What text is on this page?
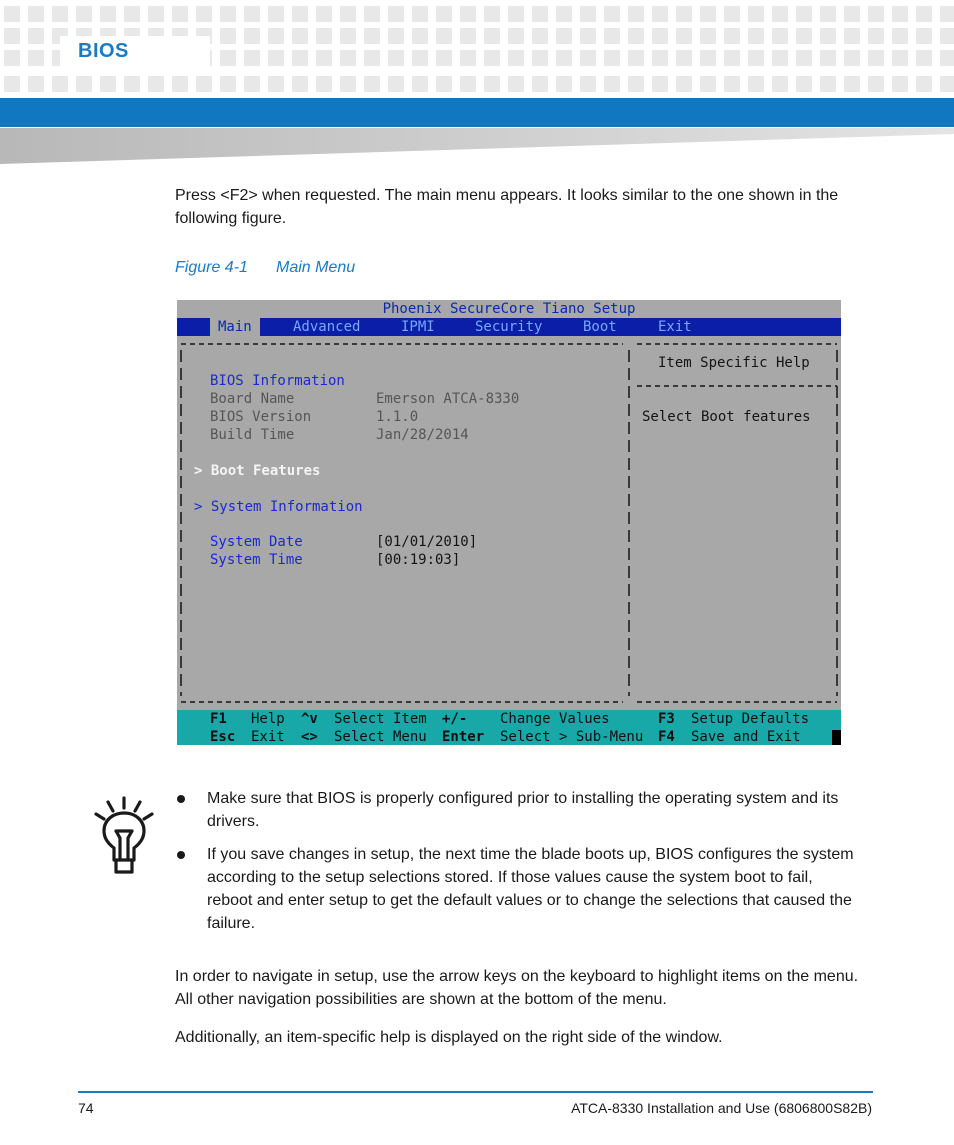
BIOS
Press <F2> when requested. The main menu appears. It looks similar to the one shown in the following figure.
Figure 4-1 Main Menu
Phoenix SecureCore Tiano Setup
Main	Advanced	IPMI	Security	Boot	Exit
BIOS Information
Board Name	Emerson ATCA-8330
BIOS Version	1.1.0
Build Time	Jan/28/2014
> Boot Features
> System Information
System Date	[01/01/2010]
System Time	[00:19:03]
Item Specific Help
Select Boot features
F1 Help ^v Select Item +/- Change Values	F3 Setup Defaults
Esc Exit <> Select Menu Enter Select > Sub-Menu F4 Save and Exit
Make sure that BIOS is properly configured prior to installing the operating system and its drivers.
If you save changes in setup, the next time the blade boots up, BIOS configures the system according to the setup selections stored. If those values cause the system boot to fail, reboot and enter setup to get the default values or to change the selections that caused the failure.
In order to navigate in setup, use the arrow keys on the keyboard to highlight items on the menu. All other navigation possibilities are shown at the bottom of the menu.
Additionally, an item-specific help is displayed on the right side of the window.
74	ATCA-8330 Installation and Use (6806800S82B)
